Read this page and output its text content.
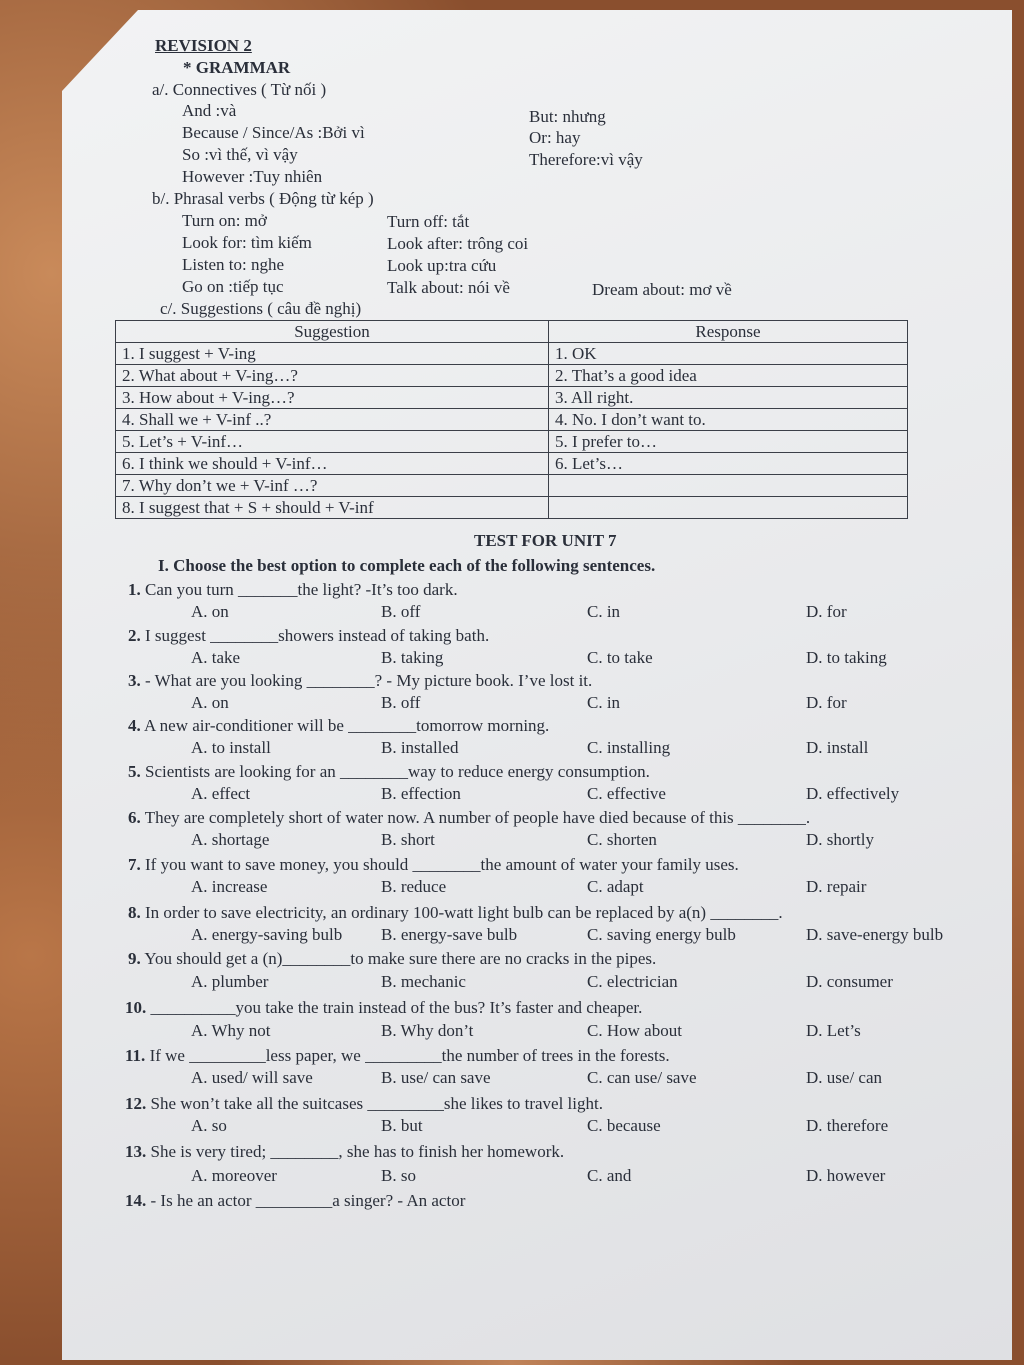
REVISION 2
* GRAMMAR
a/. Connectives ( Từ nối )
And :và
Because / Since/As :Bởi vì
So :vì thế, vì vậy
However :Tuy nhiên
But: nhưng
Or: hay
Therefore:vì vậy
b/. Phrasal verbs ( Động từ kép )
Turn on: mở
Look for: tìm kiếm
Listen to: nghe
Go on :tiếp tục
Turn off: tắt
Look after: trông coi
Look up:tra cứu
Talk about: nói về	Dream about: mơ về
c/. Suggestions ( câu đề nghị)
Suggestion	Response
1. I suggest + V-ing	1. OK
2. What about + V-ing…?	2. That’s a good idea
3. How about + V-ing…?	3. All right.
4. Shall we + V-inf ..?	4. No. I don’t want to.
5. Let’s + V-inf…	5. I prefer to…
6. I think we should + V-inf…	6. Let’s…
7. Why don’t we + V-inf …?	
8. I suggest that + S + should + V-inf	
TEST FOR UNIT 7
I. Choose the best option to complete each of the following sentences.
1. Can you turn _______the light? -It’s too dark.
A. on	B. off	C. in	D. for
2. I suggest ________showers instead of taking bath.
A. take	B. taking	C. to take	D. to taking
3. - What are you looking ________? - My picture book. I’ve lost it.
A. on	B. off	C. in	D. for
4. A new air-conditioner will be ________tomorrow morning.
A. to install	B. installed	C. installing	D. install
5. Scientists are looking for an ________way to reduce energy consumption.
A. effect	B. effection	C. effective	D. effectively
6. They are completely short of water now. A number of people have died because of this ________.
A. shortage	B. short	C. shorten	D. shortly
7. If you want to save money, you should ________the amount of water your family uses.
A. increase	B. reduce	C. adapt	D. repair
8. In order to save electricity, an ordinary 100-watt light bulb can be replaced by a(n) ________.
A. energy-saving bulb B. energy-save bulb	C. saving energy bulb	D. save-energy bulb
9. You should get a (n)________to make sure there are no cracks in the pipes.
A. plumber	B. mechanic	C. electrician	D. consumer
10. __________you take the train instead of the bus? It’s faster and cheaper.
A. Why not	B. Why don’t	C. How about	D. Let’s
11. If we _________less paper, we _________the number of trees in the forests.
A. used/ will save	B. use/ can save	C. can use/ save	D. use/ can
12. She won’t take all the suitcases _________she likes to travel light.
A. so	B. but	C. because	D. therefore
13. She is very tired; ________, she has to finish her homework.
A. moreover	B. so	C. and	D. however
14. - Is he an actor _________a singer? - An actor
